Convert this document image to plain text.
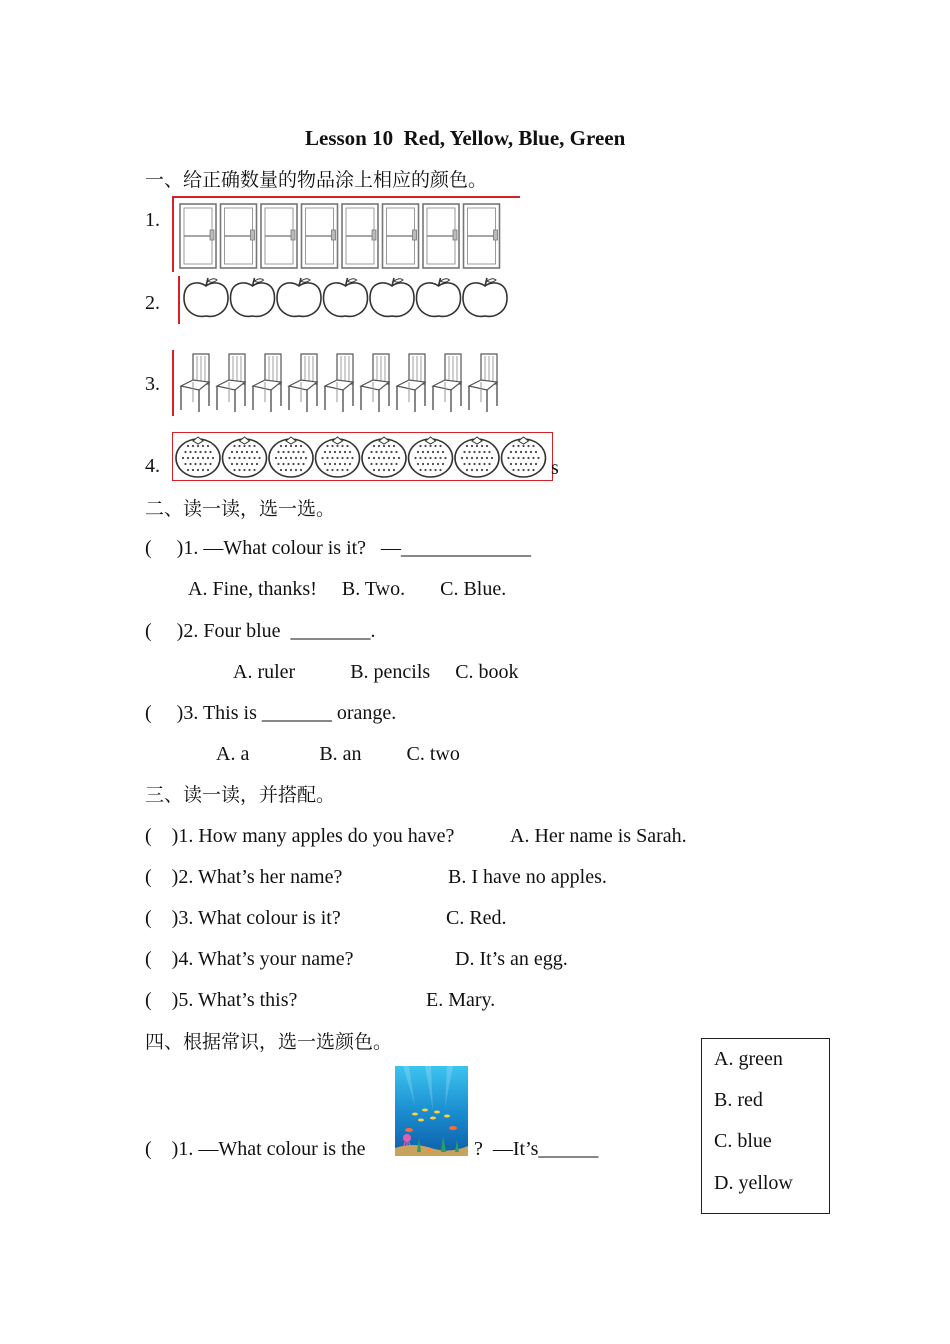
Lesson 10  Red, Yellow, Blue, Green
一、给正确数量的物品涂上相应的颜色。
1.
2.
3.
4.	s
二、读一读，选一选。
(     )1. —What colour is it?   —_____________
A. Fine, thanks!     B. Two.       C. Blue.
(     )2. Four blue  ________.
A. ruler           B. pencils     C. book
(     )3. This is _______ orange.
A. a              B. an         C. two
三、读一读，并搭配。
(    )1. How many apples do you have?
(    )2. What’s her name?
(    )3. What colour is it?
(    )4. What’s your name?
(    )5. What’s this?
A. Her name is Sarah.
B. I have no apples.
C. Red.
D. It’s an egg.
E. Mary.
四、根据常识，选一选颜色。
(    )1. —What colour is the	?  —It’s______
A. green
B. red
C. blue
D. yellow
